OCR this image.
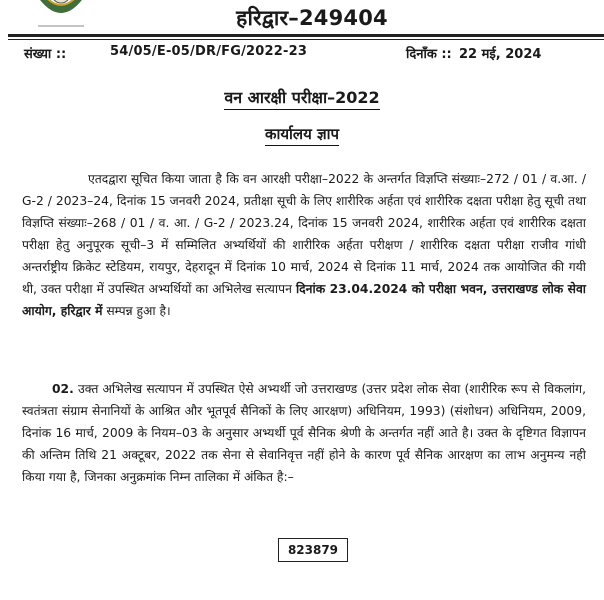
हरिद्वार–249404
संख्या ::	54/05/E-05/DR/FG/2022-23	दिनाँक :: 22 मई, 2024
वन आरक्षी परीक्षा–2022
कार्यालय ज्ञाप
एतदद्वारा सूचित किया जाता है कि वन आरक्षी परीक्षा–2022 के अन्तर्गत विज्ञप्ति संख्याः–272 / 01 / व.आ. / G-2 / 2023–24, दिनांक 15 जनवरी 2024, प्रतीक्षा सूची के लिए शारीरिक अर्हता एवं शारीरिक दक्षता परीक्षा हेतु सूची तथा विज्ञप्ति संख्याः–268 / 01 / व. आ. / G-2 / 2023.24, दिनांक 15 जनवरी 2024, शारीरिक अर्हता एवं शारीरिक दक्षता परीक्षा हेतु अनुपूरक सूची–3 में सम्मिलित अभ्यर्थियों की शारीरिक अर्हता परीक्षण / शारीरिक दक्षता परीक्षा राजीव गांधी अन्तर्राष्ट्रीय क्रिकेट स्टेडियम, रायपुर, देहरादून में दिनांक 10 मार्च, 2024 से दिनांक 11 मार्च, 2024 तक आयोजित की गयी थी, उक्त परीक्षा में उपस्थित अभ्यर्थियों का अभिलेख सत्यापन दिनांक 23.04.2024 को परीक्षा भवन, उत्तराखण्ड लोक सेवा आयोग, हरिद्वार में सम्पन्न हुआ है।
02. उक्त अभिलेख सत्यापन में उपस्थित ऐसे अभ्यर्थी जो उत्तराखण्ड (उत्तर प्रदेश लोक सेवा (शारीरिक रूप से विकलांग, स्वतंत्रता संग्राम सेनानियों के आश्रित और भूतपूर्व सैनिकों के लिए आरक्षण) अधिनियम, 1993) (संशोधन) अधिनियम, 2009, दिनांक 16 मार्च, 2009 के नियम–03 के अनुसार अभ्यर्थी पूर्व सैनिक श्रेणी के अन्तर्गत नहीं आते है। उक्त के दृष्टिगत विज्ञापन की अन्तिम तिथि 21 अक्टूबर, 2022 तक सेना से सेवानिवृत्त नहीं होने के कारण पूर्व सैनिक आरक्षण का लाभ अनुमन्य नही किया गया है, जिनका अनुक्रमांक निम्न तालिका में अंकित है:–
823879
